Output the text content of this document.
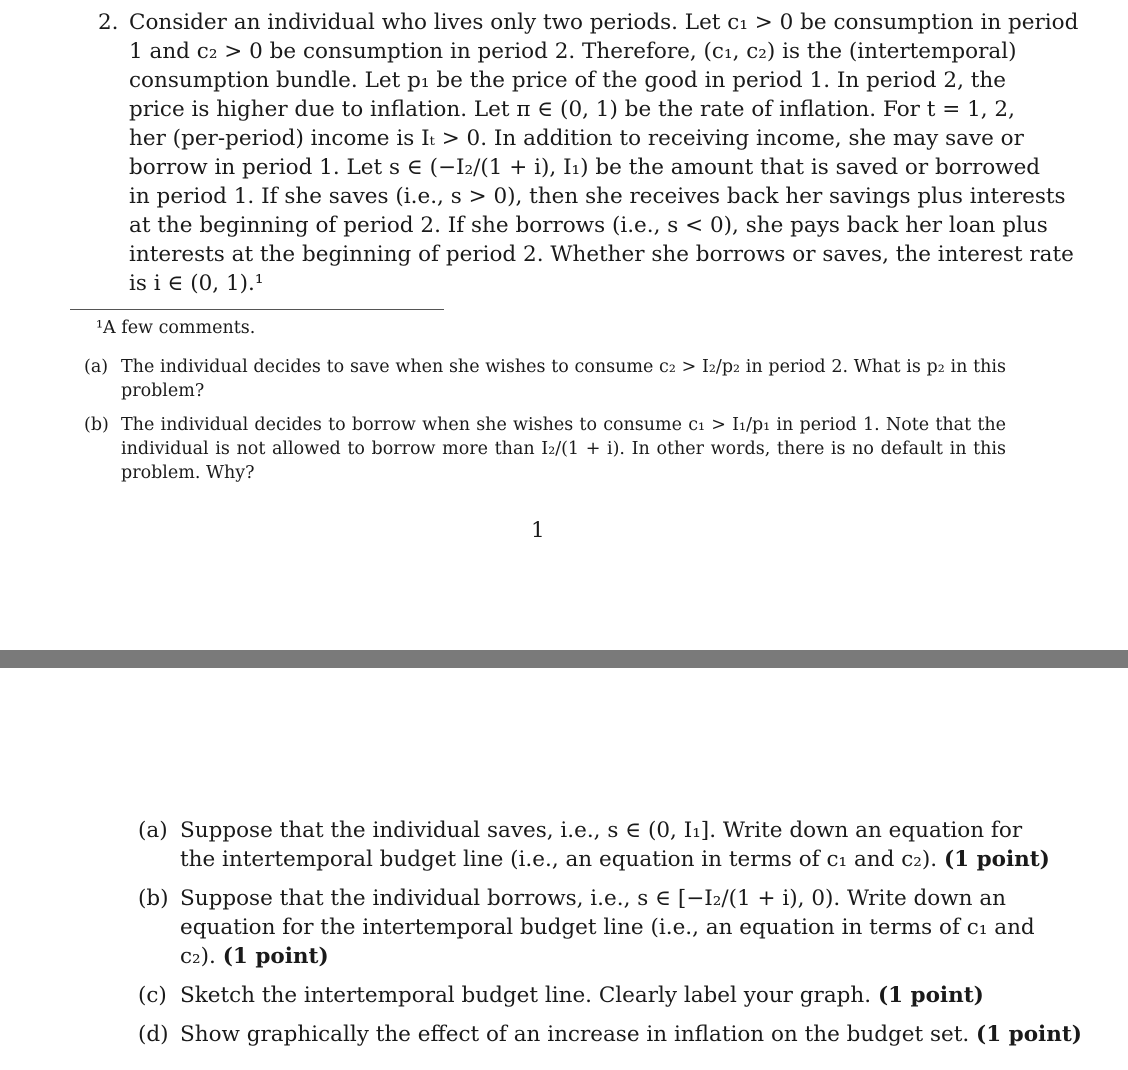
2. Consider an individual who lives only two periods. Let c₁ > 0 be consumption in period
1 and c₂ > 0 be consumption in period 2. Therefore, (c₁, c₂) is the (intertemporal)
consumption bundle. Let p₁ be the price of the good in period 1. In period 2, the
price is higher due to inflation. Let π ∈ (0, 1) be the rate of inflation. For t = 1, 2,
her (per-period) income is Iₜ > 0. In addition to receiving income, she may save or
borrow in period 1. Let s ∈ (−I₂/(1 + i), I₁) be the amount that is saved or borrowed
in period 1. If she saves (i.e., s > 0), then she receives back her savings plus interests
at the beginning of period 2. If she borrows (i.e., s < 0), she pays back her loan plus
interests at the beginning of period 2. Whether she borrows or saves, the interest rate
is i ∈ (0, 1).¹
¹A few comments.
(a) The individual decides to save when she wishes to consume c₂ > I₂/p₂ in period 2. What is p₂ in this
problem?
(b) The individual decides to borrow when she wishes to consume c₁ > I₁/p₁ in period 1. Note that the
individual is not allowed to borrow more than I₂/(1 + i). In other words, there is no default in this
problem. Why?
1
(a) Suppose that the individual saves, i.e., s ∈ (0, I₁]. Write down an equation for
the intertemporal budget line (i.e., an equation in terms of c₁ and c₂). (1 point)
(b) Suppose that the individual borrows, i.e., s ∈ [−I₂/(1 + i), 0). Write down an
equation for the intertemporal budget line (i.e., an equation in terms of c₁ and
c₂). (1 point)
(c) Sketch the intertemporal budget line. Clearly label your graph. (1 point)
(d) Show graphically the effect of an increase in inflation on the budget set. (1 point)
